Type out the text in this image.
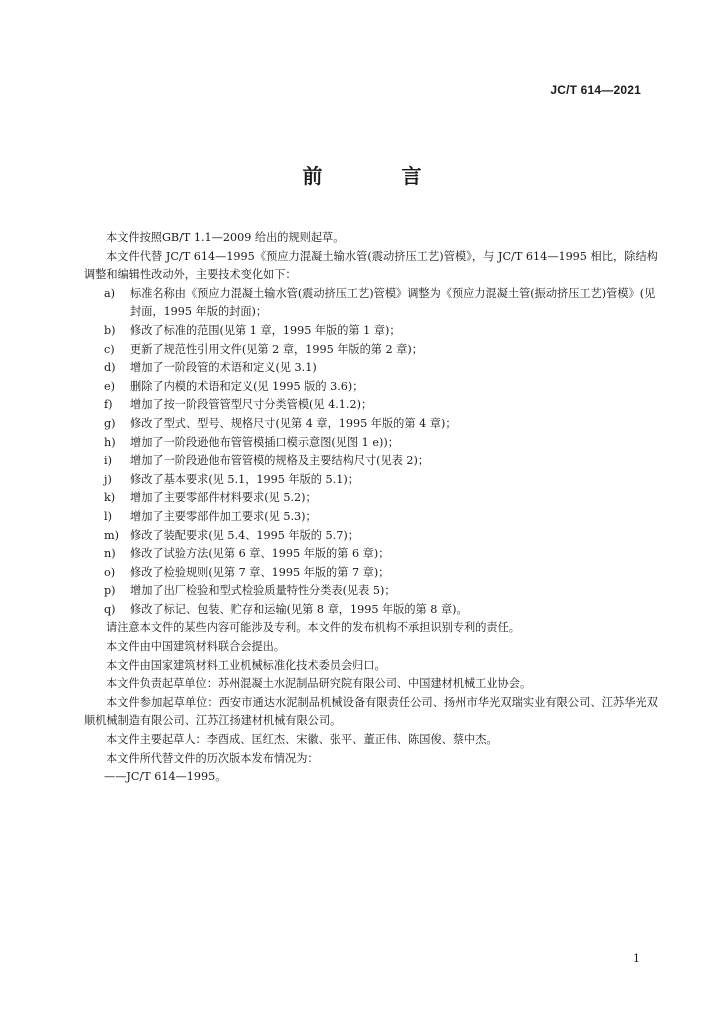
JC/T 614—2021
前 言
本文件按照GB/T 1.1—2009 给出的规则起草。
本文件代替 JC/T 614—1995《预应力混凝土输水管(震动挤压工艺)管模》，与 JC/T 614—1995 相比，除结构调整和编辑性改动外，主要技术变化如下：
a)	标准名称由《预应力混凝土输水管(震动挤压工艺)管模》调整为《预应力混凝土管(振动挤压工艺)管模》(见封面，1995 年版的封面)；
b)	修改了标准的范围(见第 1 章，1995 年版的第 1 章)；
c)	更新了规范性引用文件(见第 2 章，1995 年版的第 2 章)；
d)	增加了一阶段管的术语和定义(见 3.1)
e)	删除了内模的术语和定义(见 1995 版的 3.6)；
f)	增加了按一阶段管管型尺寸分类管模(见 4.1.2)；
g)	修改了型式、型号、规格尺寸(见第 4 章，1995 年版的第 4 章)；
h)	增加了一阶段逊他布管管模插口模示意图(见图 1 e))；
i)	增加了一阶段逊他布管管模的规格及主要结构尺寸(见表 2)；
j)	修改了基本要求(见 5.1，1995 年版的 5.1)；
k)	增加了主要零部件材料要求(见 5.2)；
l)	增加了主要零部件加工要求(见 5.3)；
m) 修改了装配要求(见 5.4、1995 年版的 5.7)；
n)	修改了试验方法(见第 6 章、1995 年版的第 6 章)；
o)	修改了检验规则(见第 7 章、1995 年版的第 7 章)；
p)	增加了出厂检验和型式检验质量特性分类表(见表 5)；
q)	修改了标记、包装、贮存和运输(见第 8 章，1995 年版的第 8 章)。
请注意本文件的某些内容可能涉及专利。本文件的发布机构不承担识别专利的责任。
本文件由中国建筑材料联合会提出。
本文件由国家建筑材料工业机械标准化技术委员会归口。
本文件负责起草单位：苏州混凝土水泥制品研究院有限公司、中国建材机械工业协会。
本文件参加起草单位：西安市通达水泥制品机械设备有限责任公司、扬州市华光双瑞实业有限公司、江苏华光双顺机械制造有限公司、江苏江扬建材机械有限公司。
本文件主要起草人：李酉成、匡红杰、宋徽、张平、董正伟、陈国俊、蔡中杰。
本文件所代替文件的历次版本发布情况为：
——JC/T 614—1995。
1
